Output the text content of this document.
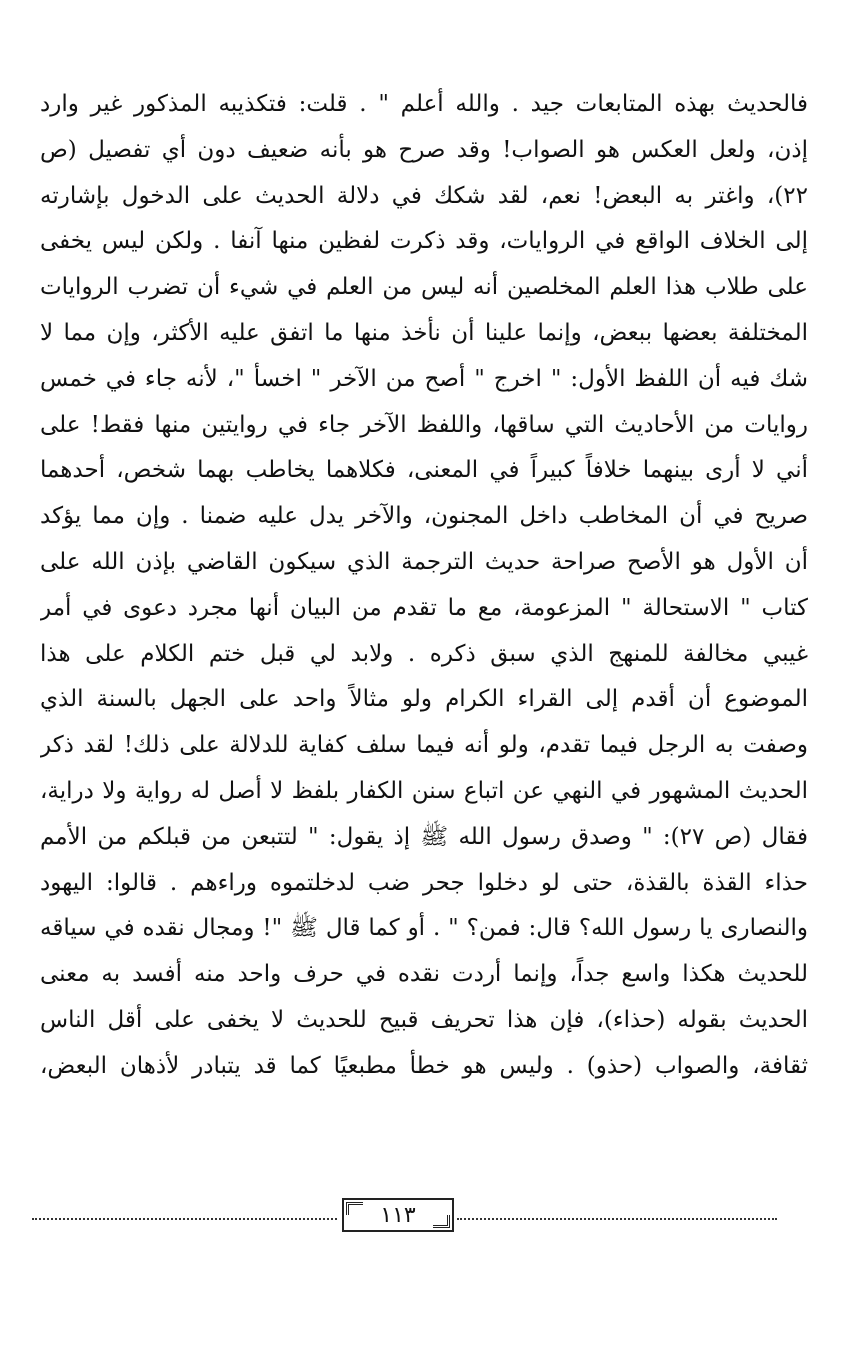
فالحديث بهذه المتابعات جيد . والله أعلم " . قلت: فتكذيبه المذكور غير وارد
إذن، ولعل العكس هو الصواب! وقد صرح هو بأنه ضعيف دون أي تفصيل (ص
٢٢)، واغتر به البعض! نعم، لقد شكك في دلالة الحديث على الدخول بإشارته
إلى الخلاف الواقع في الروايات، وقد ذكرت لفظين منها آنفا . ولكن ليس يخفى
على طلاب هذا العلم المخلصين أنه ليس من العلم في شيء أن تضرب الروايات
المختلفة بعضها ببعض، وإنما علينا أن نأخذ منها ما اتفق عليه الأكثر، وإن مما لا
شك فيه أن اللفظ الأول: " اخرج " أصح من الآخر " اخسأ "، لأنه جاء في خمس
روايات من الأحاديث التي ساقها، واللفظ الآخر جاء في روايتين منها فقط! على
أني لا أرى بينهما خلافاً كبيراً في المعنى، فكلاهما يخاطب بهما شخص، أحدهما
صريح في أن المخاطب داخل المجنون، والآخر يدل عليه ضمنا . وإن مما يؤكد
أن الأول هو الأصح صراحة حديث الترجمة الذي سيكون القاضي بإذن الله على
كتاب " الاستحالة " المزعومة، مع ما تقدم من البيان أنها مجرد دعوى في أمر
غيبي مخالفة للمنهج الذي سبق ذكره . ولابد لي قبل ختم الكلام على هذا
الموضوع أن أقدم إلى القراء الكرام ولو مثالاً واحد على الجهل بالسنة الذي
وصفت به الرجل فيما تقدم، ولو أنه فيما سلف كفاية للدلالة على ذلك! لقد ذكر
الحديث المشهور في النهي عن اتباع سنن الكفار بلفظ لا أصل له رواية ولا دراية،
فقال (ص ٢٧): " وصدق رسول الله ﷺ إذ يقول: " لتتبعن من قبلكم من الأمم
حذاء القذة بالقذة، حتى لو دخلوا جحر ضب لدخلتموه وراءهم . قالوا: اليهود
والنصارى يا رسول الله؟ قال: فمن؟ " . أو كما قال ﷺ "! ومجال نقده في سياقه
للحديث هكذا واسع جداً، وإنما أردت نقده في حرف واحد منه أفسد به معنى
الحديث بقوله (حذاء)، فإن هذا تحريف قبيح للحديث لا يخفى على أقل الناس
ثقافة، والصواب (حذو) . وليس هو خطأ مطبعيًا كما قد يتبادر لأذهان البعض،
١١٣
